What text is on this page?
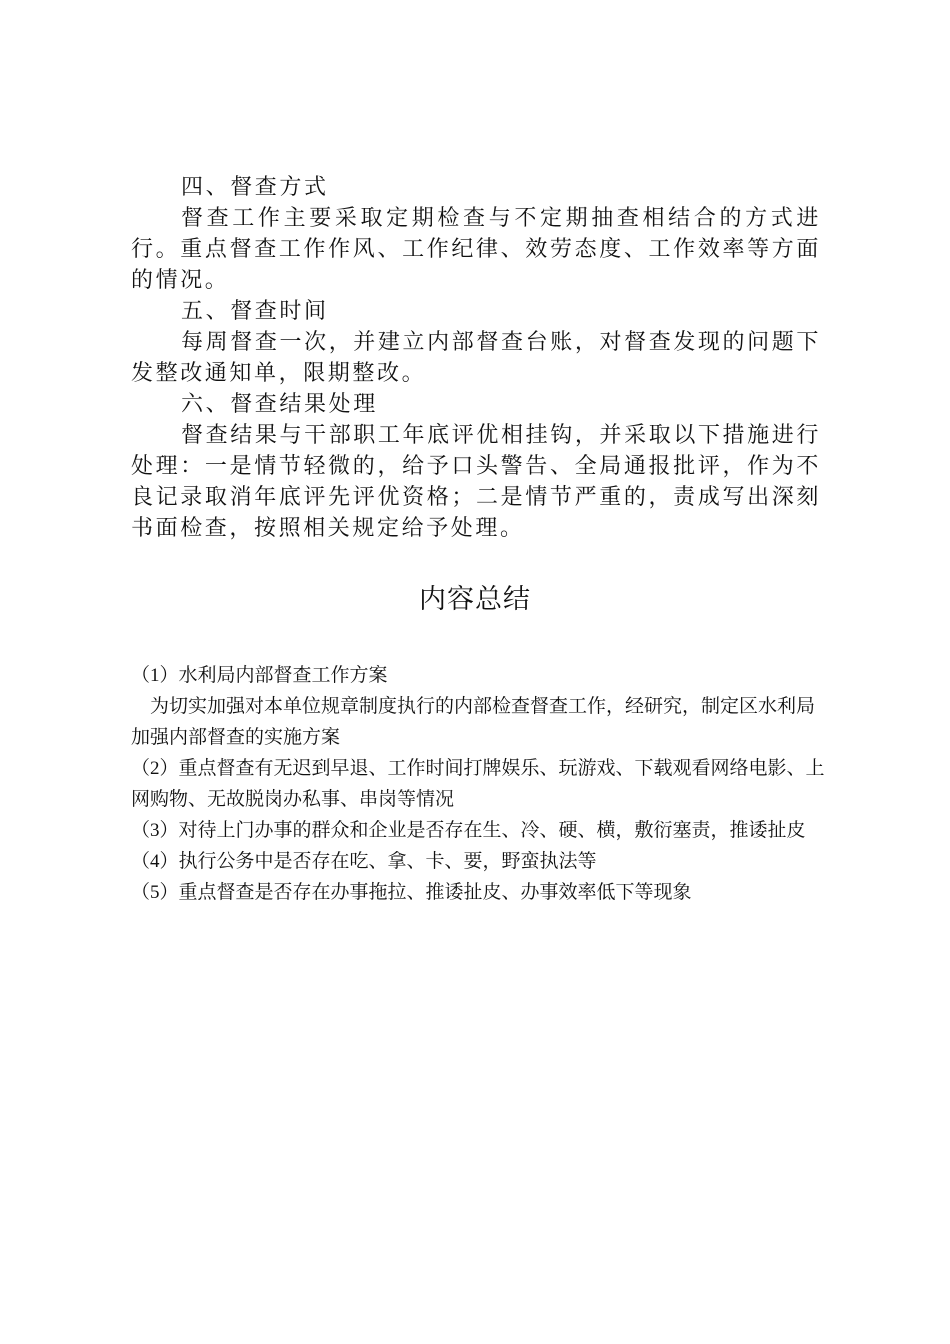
四、督查方式

督查工作主要采取定期检查与不定期抽查相结合的方式进行。重点督查工作作风、工作纪律、效劳态度、工作效率等方面的情况。

五、督查时间

每周督查一次，并建立内部督查台账，对督查发现的问题下发整改通知单，限期整改。

六、督查结果处理

督查结果与干部职工年底评优相挂钩，并采取以下措施进行处理：一是情节轻微的，给予口头警告、全局通报批评，作为不良记录取消年底评先评优资格；二是情节严重的，责成写出深刻书面检查，按照相关规定给予处理。

内容总结

（1）水利局内部督查工作方案

为切实加强对本单位规章制度执行的内部检查督查工作，经研究，制定区水利局加强内部督查的实施方案

（2）重点督查有无迟到早退、工作时间打牌娱乐、玩游戏、下载观看网络电影、上网购物、无故脱岗办私事、串岗等情况

（3）对待上门办事的群众和企业是否存在生、冷、硬、横，敷衍塞责，推诿扯皮

（4）执行公务中是否存在吃、拿、卡、要，野蛮执法等

（5）重点督查是否存在办事拖拉、推诿扯皮、办事效率低下等现象
